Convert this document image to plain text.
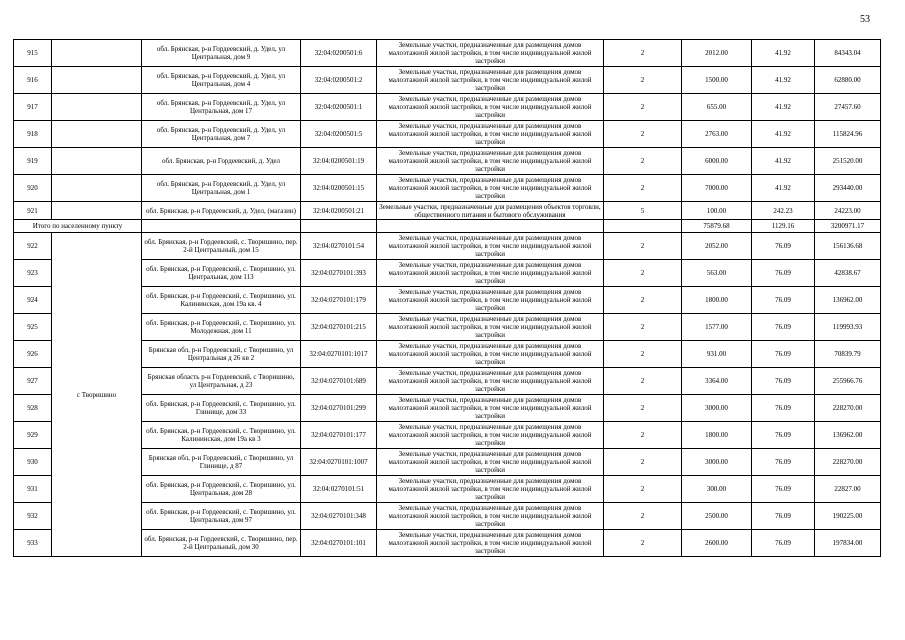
53
915		обл. Брянская, р-н Гордеевский, д. Удел, ул Центральная, дом 9	32:04:0200501:6	Земельные участки, предназначенные для размещения домов малоэтажной жилой застройки, в том числе индивидуальной жилой застройки	2	2012.00	41.92	84343.04
916		обл. Брянская, р-н Гордеевский, д. Удел, ул Центральная, дом 4	32:04:0200501:2	Земельные участки, предназначенные для размещения домов малоэтажной жилой застройки, в том числе индивидуальной жилой застройки	2	1500.00	41.92	62880.00
917		обл. Брянская, р-н Гордеевский, д. Удел, ул Центральная, дом 17	32:04:0200501:1	Земельные участки, предназначенные для размещения домов малоэтажной жилой застройки, в том числе индивидуальной жилой застройки	2	655.00	41.92	27457.60
918		обл. Брянская, р-н Гордеевский, д. Удел, ул Центральная, дом 7	32:04:0200501:5	Земельные участки, предназначенные для размещения домов малоэтажной жилой застройки, в том числе индивидуальной жилой застройки	2	2763.00	41.92	115824.96
919		обл. Брянская, р-н Гордеевский, д. Удел	32:04:0200501:19	Земельные участки, предназначенные для размещения домов малоэтажной жилой застройки, в том числе индивидуальной жилой застройки	2	6000.00	41.92	251520.00
920		обл. Брянская, р-н Гордеевский, д. Удел, ул Центральная, дом 1	32:04:0200501:15	Земельные участки, предназначенные для размещения домов малоэтажной жилой застройки, в том числе индивидуальной жилой застройки	2	7000.00	41.92	293440.00
921		обл. Брянская, р-н Гордеевский, д. Удел, (магазин)	32:04:0200501:21	Земельные участки, предназначенные для размещения объектов торговли, общественного питания и бытового обслуживания	5	100.00	242.23	24223.00
Итого по населенному пункту						75879.68	1129.16	3200971.17
922	с Творишино	обл. Брянская, р-н Гордеевский, с. Творишино, пер. 2-й Центральный, дом 15	32:04:0270101:54	Земельные участки, предназначенные для размещения домов малоэтажной жилой застройки, в том числе индивидуальной жилой застройки	2	2052.00	76.09	156136.68
923		обл. Брянская, р-н Гордеевский, с. Творишино, ул. Центральная, дом 113	32:04:0270101:393	Земельные участки, предназначенные для размещения домов малоэтажной жилой застройки, в том числе индивидуальной жилой застройки	2	563.00	76.09	42838.67
924		обл. Брянская, р-н Гордеевский, с. Творишино, ул. Калининская, дом 19а кв. 4	32:04:0270101:179	Земельные участки, предназначенные для размещения домов малоэтажной жилой застройки, в том числе индивидуальной жилой застройки	2	1800.00	76.09	136962.00
925		обл. Брянская, р-н Гордеевский, с. Творишино, ул. Молодежная, дом 11	32:04:0270101:215	Земельные участки, предназначенные для размещения домов малоэтажной жилой застройки, в том числе индивидуальной жилой застройки	2	1577.00	76.09	119993.93
926		Брянская обл, р-н Гордеевский, с Творишино, ул Центральная д 26 кв 2	32:04:0270101:1017	Земельные участки, предназначенные для размещения домов малоэтажной жилой застройки, в том числе индивидуальной жилой застройки	2	931.00	76.09	70839.79
927		Брянская область р-н Гордеевский, с Творишино, ул Центральная, д 23	32:04:0270101:689	Земельные участки, предназначенные для размещения домов малоэтажной жилой застройки, в том числе индивидуальной жилой застройки	2	3364.00	76.09	255966.76
928		обл. Брянская, р-н Гордеевский, с. Творишино, ул. Глинище, дом 33	32:04:0270101:299	Земельные участки, предназначенные для размещения домов малоэтажной жилой застройки, в том числе индивидуальной жилой застройки	2	3000.00	76.09	228270.00
929		обл. Брянская, р-н Гордеевский, с. Творишино, ул. Калининская, дом 19а кв 3	32:04:0270101:177	Земельные участки, предназначенные для размещения домов малоэтажной жилой застройки, в том числе индивидуальной жилой застройки	2	1800.00	76.09	136962.00
930		Брянская обл, р-н Гордеевский, с Творишино, ул Глинище, д 87	32:04:0270101:1007	Земельные участки, предназначенные для размещения домов малоэтажной жилой застройки, в том числе индивидуальной жилой застройки	2	3000.00	76.09	228270.00
931		обл. Брянская, р-н Гордеевский, с. Творишино, ул. Центральная, дом 28	32:04:0270101:51	Земельные участки, предназначенные для размещения домов малоэтажной жилой застройки, в том числе индивидуальной жилой застройки	2	300.00	76.09	22827.00
932		обл. Брянская, р-н Гордеевский, с. Творишино, ул. Центральная, дом 97	32:04:0270101:348	Земельные участки, предназначенные для размещения домов малоэтажной жилой застройки, в том числе индивидуальной жилой застройки	2	2500.00	76.09	190225.00
933		обл. Брянская, р-н Гордеевский, с. Творишино, пер. 2-й Центральный, дом 30	32:04:0270101:101	Земельные участки, предназначенные для размещения домов малоэтажной жилой застройки, в том числе индивидуальной жилой застройки	2	2600.00	76.09	197834.00
